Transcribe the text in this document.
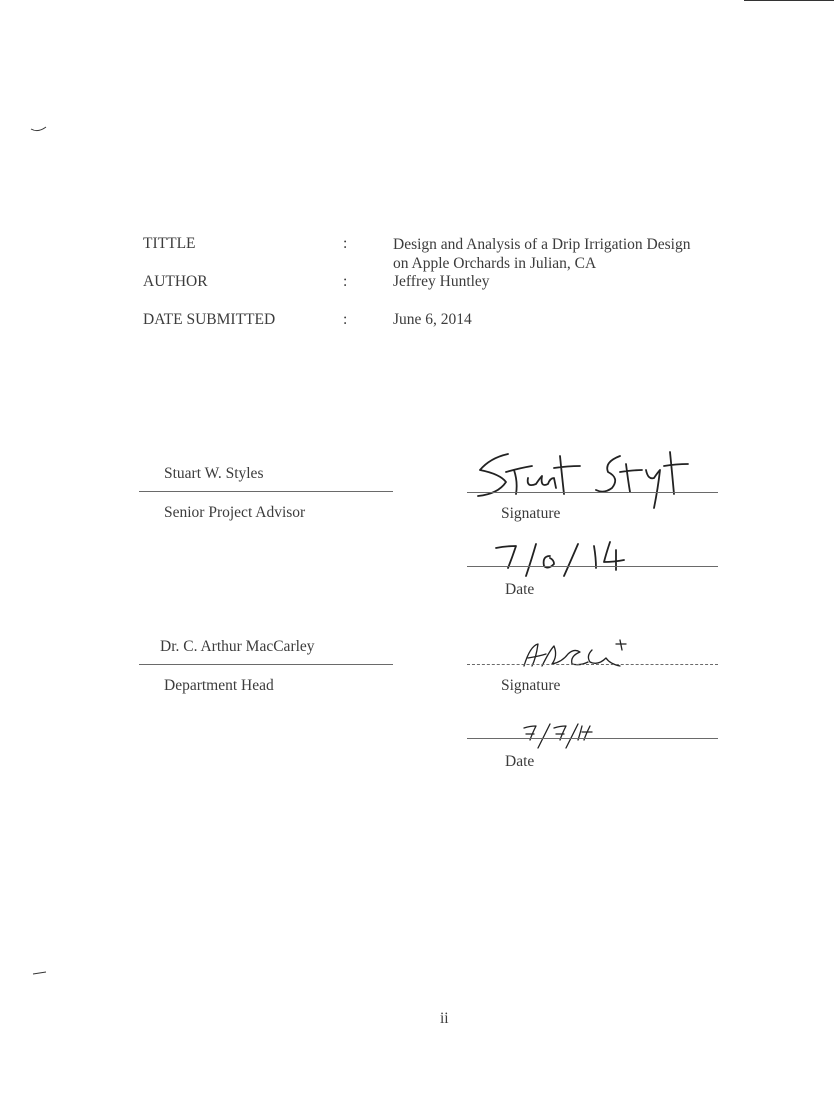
TITTLE	:	Design and Analysis of a Drip Irrigation Design
on Apple Orchards in Julian, CA
AUTHOR	:	Jeffrey Huntley
DATE SUBMITTED	:	June 6, 2014
Stuart W. Styles
Senior Project Advisor	Signature
Date
Dr. C. Arthur MacCarley
Department Head	Signature
Date
ii
